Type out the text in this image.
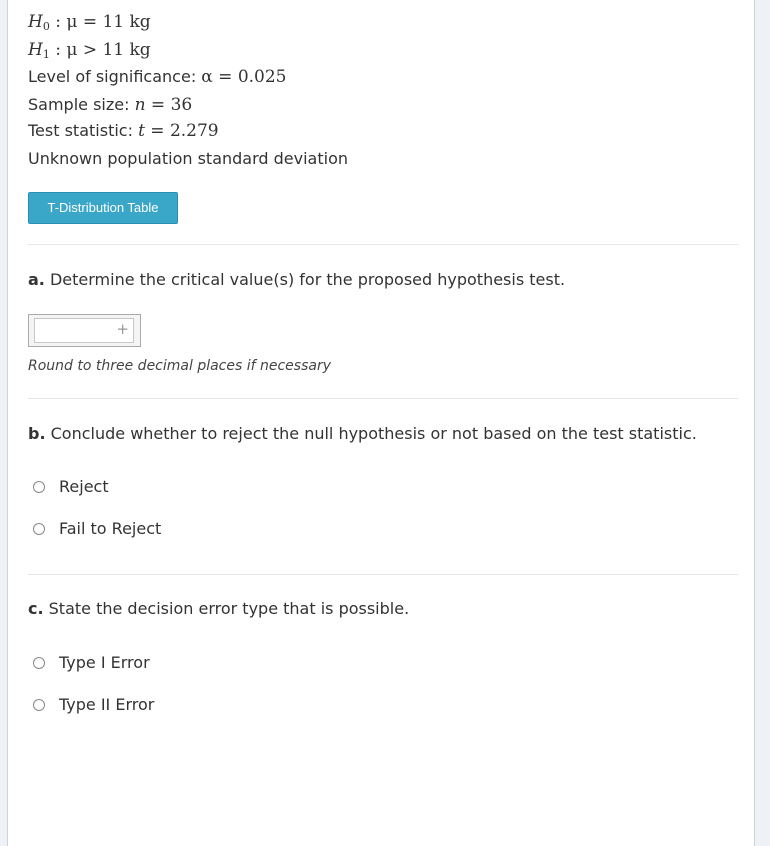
$H_0$ : μ = 11 kg
$H_1$ : μ > 11 kg
Level of significance: α = 0.025
Sample size: n = 36
Test statistic: t = 2.279
Unknown population standard deviation
T-Distribution Table
a. Determine the critical value(s) for the proposed hypothesis test.
+
Round to three decimal places if necessary
b. Conclude whether to reject the null hypothesis or not based on the test statistic.
Reject
Fail to Reject
c. State the decision error type that is possible.
Type I Error
Type II Error
